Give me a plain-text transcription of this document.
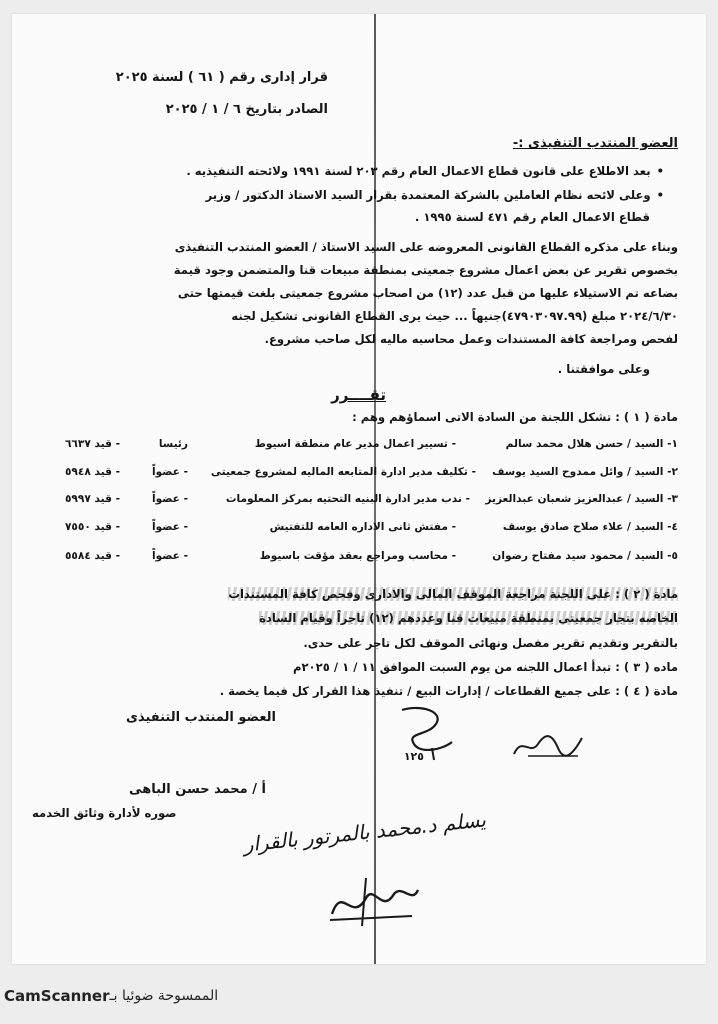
قرار إدارى رقم ( ٦١ ) لسنة ٢٠٢٥
الصادر بتاريخ ٦ / ١ / ٢٠٢٥
العضو المنتدب التنفيذى :-
• بعد الاطلاع على قانون قطاع الاعمال العام رقم ٢٠٣ لسنة ١٩٩١ ولائحته التنفيذيه .
• وعلى لائحه نظام العاملين بالشركة المعتمدة بقرار السيد الاستاذ الدكتور / وزير
قطاع الاعمال العام رقم ٤٧١ لسنة ١٩٩٥ .
وبناء على مذكره القطاع القانونى المعروضه على السيد الاستاذ / العضو المنتدب التنفيذى
بخصوص تقرير عن بعض اعمال مشروع جمعيتى بمنطقة مبيعات قنا والمتضمن وجود قيمة
بضاعه تم الاستيلاء عليها من قبل عدد (١٢) من اصحاب مشروع جمعيتى بلغت قيمتها حتى
٢٠٢٤/٦/٣٠ مبلغ (٤٧٩٠٣٠٩٧.٩٩)جنيهاً ... حيث يرى القطاع القانونى تشكيل لجنه
لفحص ومراجعة كافة المستندات وعمل محاسبه ماليه لكل صاحب مشروع.
وعلى موافقتنا .
تقــــرر
مادة ( ١ ) : تشكل اللجنة من السادة الاتى اسماؤهم وهم :
١- السيد / حسن هلال محمد سالم
- تسيير اعمال مدير عام منطقة اسيوط
رئيسا
- قيد ٦٦٣٧
٢- السيد / وائل ممدوح السيد يوسف
- تكليف مدير ادارة المتابعه الماليه لمشروع جمعيتى
- عضواً
- قيد ٥٩٤٨
٣- السيد / عبدالعزيز شعبان عبدالعزيز
- ندب مدير ادارة البنيه التحتيه بمركز المعلومات
- عضواً
- قيد ٥٩٩٧
٤- السيد / علاء صلاح صادق يوسف
- مفتش ثانى الاداره العامه للتفتيش
- عضواً
- قيد ٧٥٥٠
٥- السيد / محمود سيد مفتاح رضوان
- محاسب ومراجع بعقد مؤقت باسيوط
- عضواً
- قيد ٥٥٨٤
مادة ( ٢ ) : على اللجنة مراجعة الموقف المالى والادارى وفحص كافة المستندات
الخاصه بتجار جمعيتى بمنطقة مبيعات قنا وعددهم (١٢) تاجراً وقيام السادة
بالتقرير وتقديم تقرير مفصل ونهائى الموقف لكل تاجر على حدى.
ماده ( ٣ ) : تبدأ اعمال اللجنه من يوم السبت الموافق ١١ / ١ / ٢٠٢٥م
مادة ( ٤ ) : على جميع القطاعات / إدارات البيع / تنفيذ هذا القرار كل فيما يخصة .
العضو المنتدب التنفيذى
١٢٥
أ / محمد حسن الباهى
صوره لأدارة وثائق الخدمه	يسلم د.محمد بالمرتور بالقرار
الممسوحة ضوئيا بـ
CamScanner
